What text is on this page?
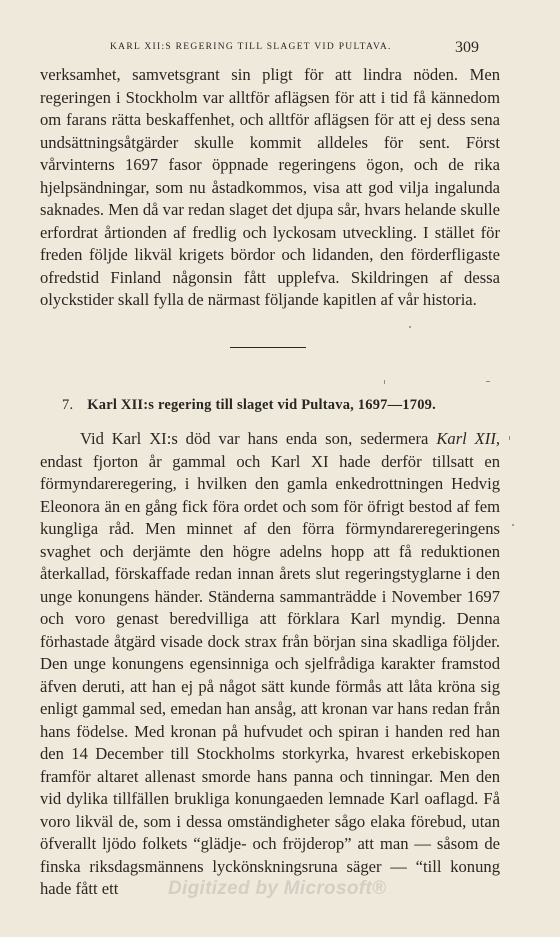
KARL XII:S REGERING TILL SLAGET VID PULTAVA.	309

verksamhet, samvetsgrant sin pligt för att lindra nöden. Men regeringen i Stockholm var alltför aflägsen för att i tid få kännedom om farans rätta beskaffenhet, och alltför aflägsen för att ej dess sena undsättningsåtgärder skulle kommit alldeles för sent. Först vårvinterns 1697 fasor öppnade regeringens ögon, och de rika hjelpsändningar, som nu åstadkommos, visa att god vilja ingalunda saknades. Men då var redan slaget det djupa sår, hvars helande skulle erfordrat årtionden af fredlig och lyckosam utveckling. I stället för freden följde likväl krigets bördor och lidanden, den förderfligaste ofredstid Finland någonsin fått upplefva. Skildringen af dessa olyckstider skall fylla de närmast följande kapitlen af vår historia.

7. Karl XII:s regering till slaget vid Pultava, 1697—1709.

Vid Karl XI:s död var hans enda son, sedermera Karl XII, endast fjorton år gammal och Karl XI hade derför tillsatt en förmyndareregering, i hvilken den gamla enkedrottningen Hedvig Eleonora än en gång fick föra ordet och som för öfrigt bestod af fem kungliga råd. Men minnet af den förra förmyndareregeringens svaghet och derjämte den högre adelns hopp att få reduktionen återkallad, förskaffade redan innan årets slut regeringstyglarne i den unge konungens händer. Ständerna sammanträdde i November 1697 och voro genast beredvilliga att förklara Karl myndig. Denna förhastade åtgärd visade dock strax från början sina skadliga följder. Den unge konungens egensinniga och sjelfrådiga karakter framstod äfven deruti, att han ej på något sätt kunde förmås att låta kröna sig enligt gammal sed, emedan han ansåg, att kronan var hans redan från hans födelse. Med kronan på hufvudet och spiran i handen red han den 14 December till Stockholms storkyrka, hvarest erkebiskopen framför altaret allenast smorde hans panna och tinningar. Men den vid dylika tillfällen brukliga konungaeden lemnade Karl oaflagd. Få voro likväl de, som i dessa omständigheter sågo elaka förebud, utan öfverallt ljödo folkets “glädje- och fröjderop” att man — såsom de finska riksdagsmännens lyckönskningsruna säger — “till konung hade fått ett	Digitized by Microsoft®
